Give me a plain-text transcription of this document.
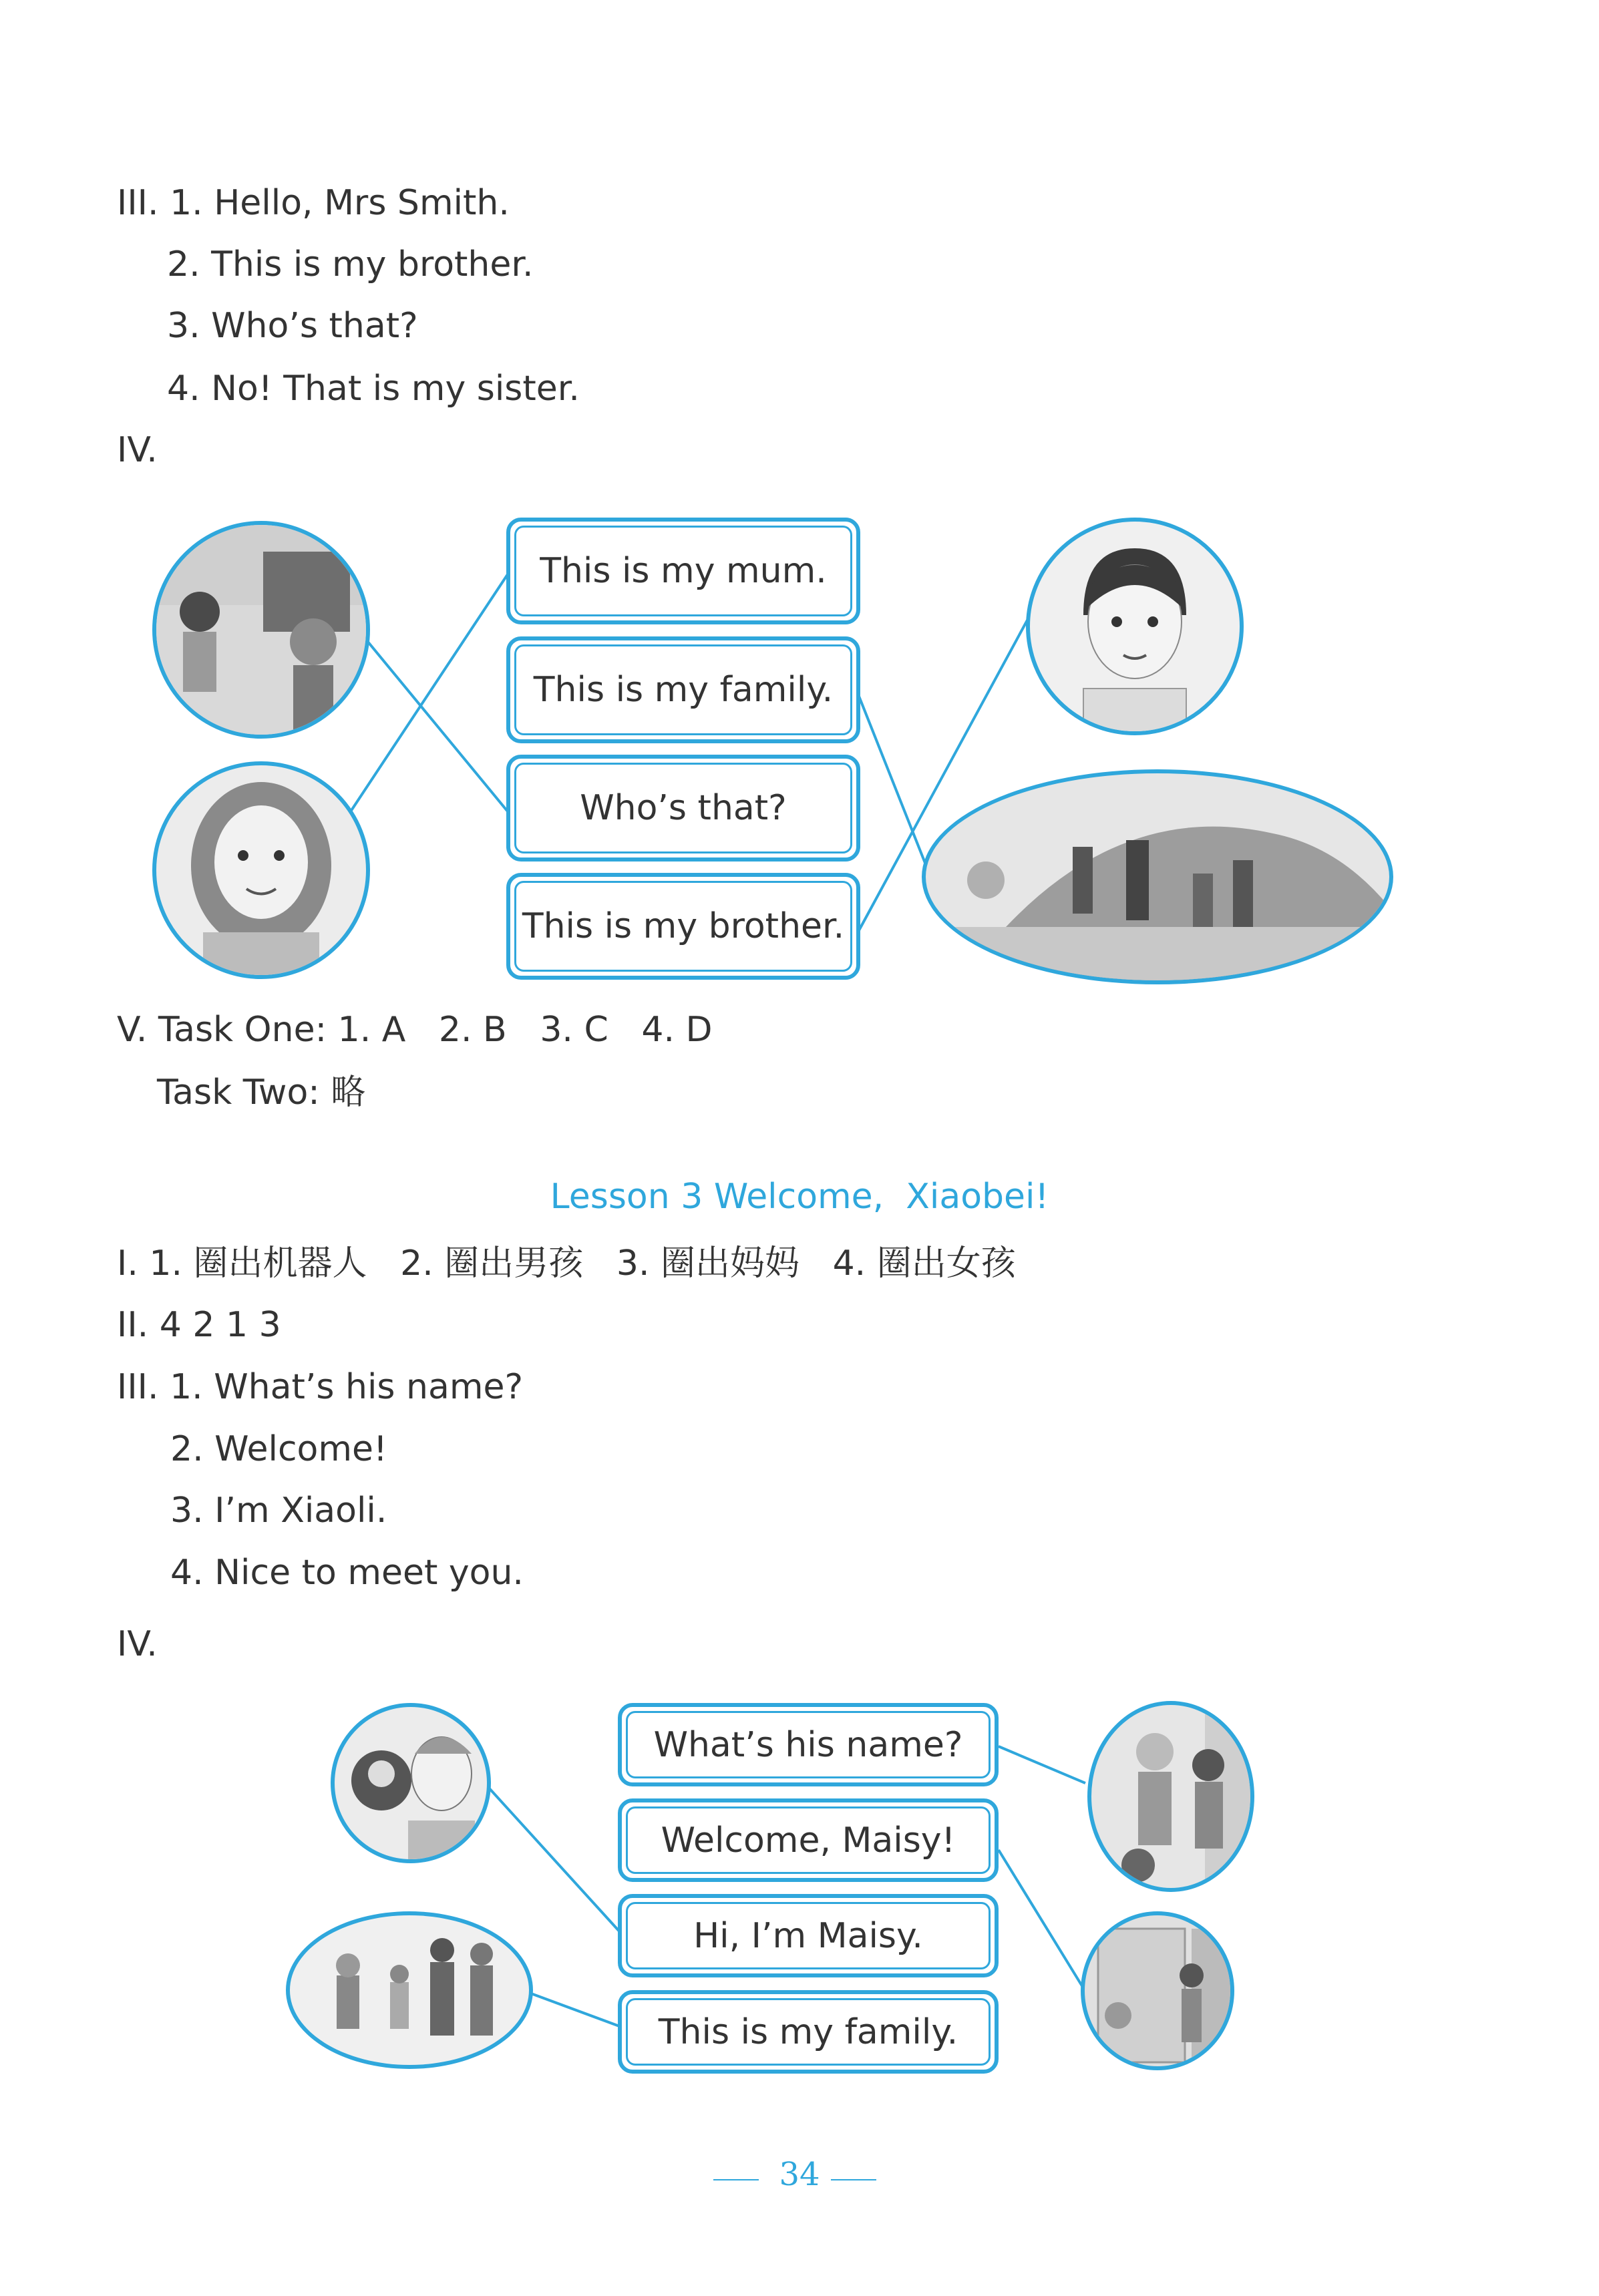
III. 1. Hello, Mrs Smith.
2. This is my brother.
3. Who’s that?
4. No! That is my sister.
IV.
This is my mum.
This is my family.
Who’s that?
This is my brother.
V. Task One: 1. A   2. B   3. C   4. D
Task Two: 略
Lesson 3 Welcome,  Xiaobei!
I. 1. 圈出机器人   2. 圈出男孩   3. 圈出妈妈   4. 圈出女孩
II. 4 2 1 3
III. 1. What’s his name?
2. Welcome!
3. I’m Xiaoli.
4. Nice to meet you.
IV.
What’s his name?
Welcome, Maisy!
Hi, I’m Maisy.
This is my family.
34
